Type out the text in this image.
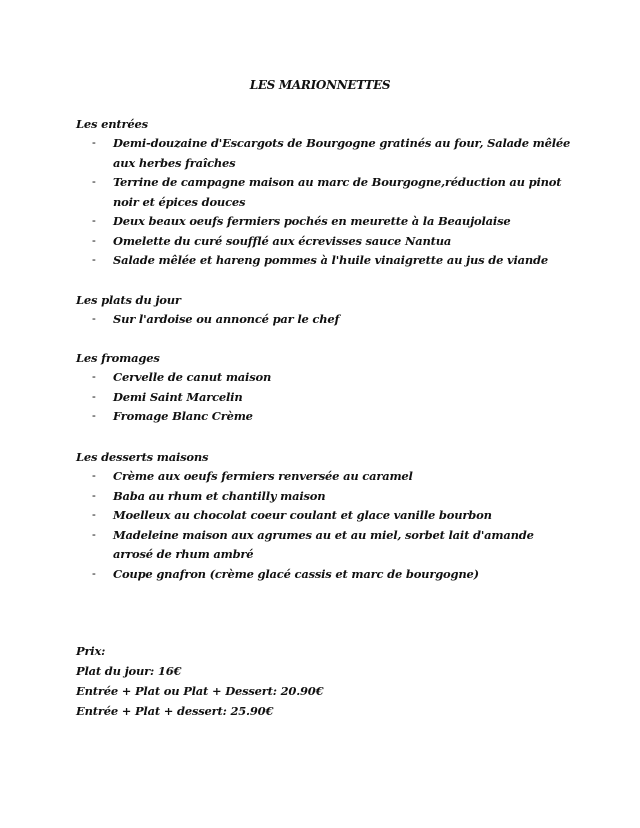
LES MARIONNETTES
Les entrées
- Demi-douzaine d'Escargots de Bourgogne gratinés au four, Salade mêlée aux herbes fraîches
- Terrine de campagne maison au marc de Bourgogne,réduction au pinot noir et épices douces
- Deux beaux oeufs fermiers pochés en meurette à la Beaujolaise
- Omelette du curé soufflé aux écrevisses sauce Nantua
- Salade mêlée et hareng pommes à l'huile vinaigrette au jus de viande
Les plats du jour
- Sur l'ardoise ou annoncé par le chef
Les fromages
- Cervelle de canut maison
- Demi Saint Marcelin
- Fromage Blanc Crème
Les desserts maisons
- Crème aux oeufs fermiers renversée au caramel
- Baba au rhum et chantilly maison
- Moelleux au chocolat coeur coulant et glace vanille bourbon
- Madeleine maison aux agrumes au et au miel, sorbet lait d'amande arrosé de rhum ambré
- Coupe gnafron (crème glacé cassis et marc de bourgogne)
Prix:
Plat du jour: 16€
Entrée + Plat ou Plat + Dessert: 20.90€
Entrée + Plat + dessert: 25.90€
